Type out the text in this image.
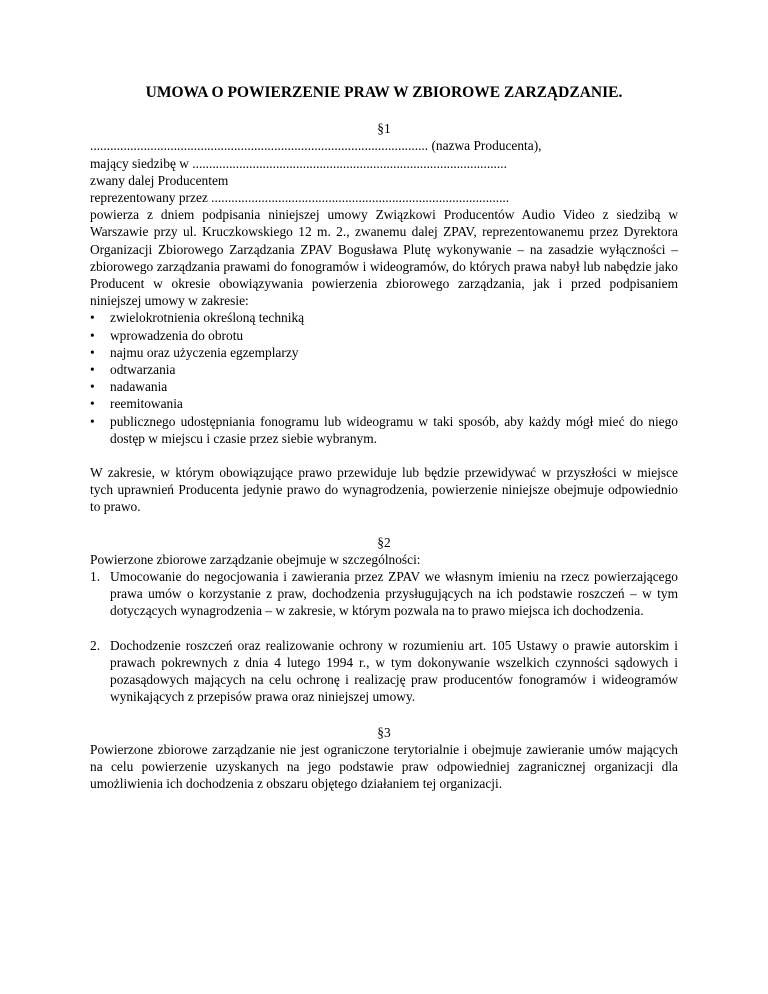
UMOWA O POWIERZENIE PRAW W ZBIOROWE ZARZĄDZANIE.

§1

..................................................................................................... (nazwa Producenta),

mający siedzibę w ..............................................................................................

zwany dalej Producentem

reprezentowany przez .........................................................................................

powierza z dniem podpisania niniejszej umowy Związkowi Producentów Audio Video z siedzibą w Warszawie przy ul. Kruczkowskiego 12 m. 2., zwanemu dalej ZPAV, reprezentowanemu przez Dyrektora Organizacji Zbiorowego Zarządzania ZPAV Bogusława Plutę wykonywanie – na zasadzie wyłączności – zbiorowego zarządzania prawami do fonogramów i wideogramów, do których prawa nabył lub nabędzie jako Producent w okresie obowiązywania powierzenia zbiorowego zarządzania, jak i przed podpisaniem niniejszej umowy w zakresie:

• zwielokrotnienia określoną techniką
• wprowadzenia do obrotu
• najmu oraz użyczenia egzemplarzy
• odtwarzania
• nadawania
• reemitowania
• publicznego udostępniania fonogramu lub wideogramu w taki sposób, aby każdy mógł mieć do niego dostęp w miejscu i czasie przez siebie wybranym.

W zakresie, w którym obowiązujące prawo przewiduje lub będzie przewidywać w przyszłości w miejsce tych uprawnień Producenta jedynie prawo do wynagrodzenia, powierzenie niniejsze obejmuje odpowiednio to prawo.

§2

Powierzone zbiorowe zarządzanie obejmuje w szczególności:

1. Umocowanie do negocjowania i zawierania przez ZPAV we własnym imieniu na rzecz powierzającego prawa umów o korzystanie z praw, dochodzenia przysługujących na ich podstawie roszczeń – w tym dotyczących wynagrodzenia – w zakresie, w którym pozwala na to prawo miejsca ich dochodzenia.
2. Dochodzenie roszczeń oraz realizowanie ochrony w rozumieniu art. 105 Ustawy o prawie autorskim i prawach pokrewnych z dnia 4 lutego 1994 r., w tym dokonywanie wszelkich czynności sądowych i pozasądowych mających na celu ochronę i realizację praw producentów fonogramów i wideogramów wynikających z przepisów prawa oraz niniejszej umowy.

§3

Powierzone zbiorowe zarządzanie nie jest ograniczone terytorialnie i obejmuje zawieranie umów mających na celu powierzenie uzyskanych na jego podstawie praw odpowiedniej zagranicznej organizacji dla umożliwienia ich dochodzenia z obszaru objętego działaniem tej organizacji.
